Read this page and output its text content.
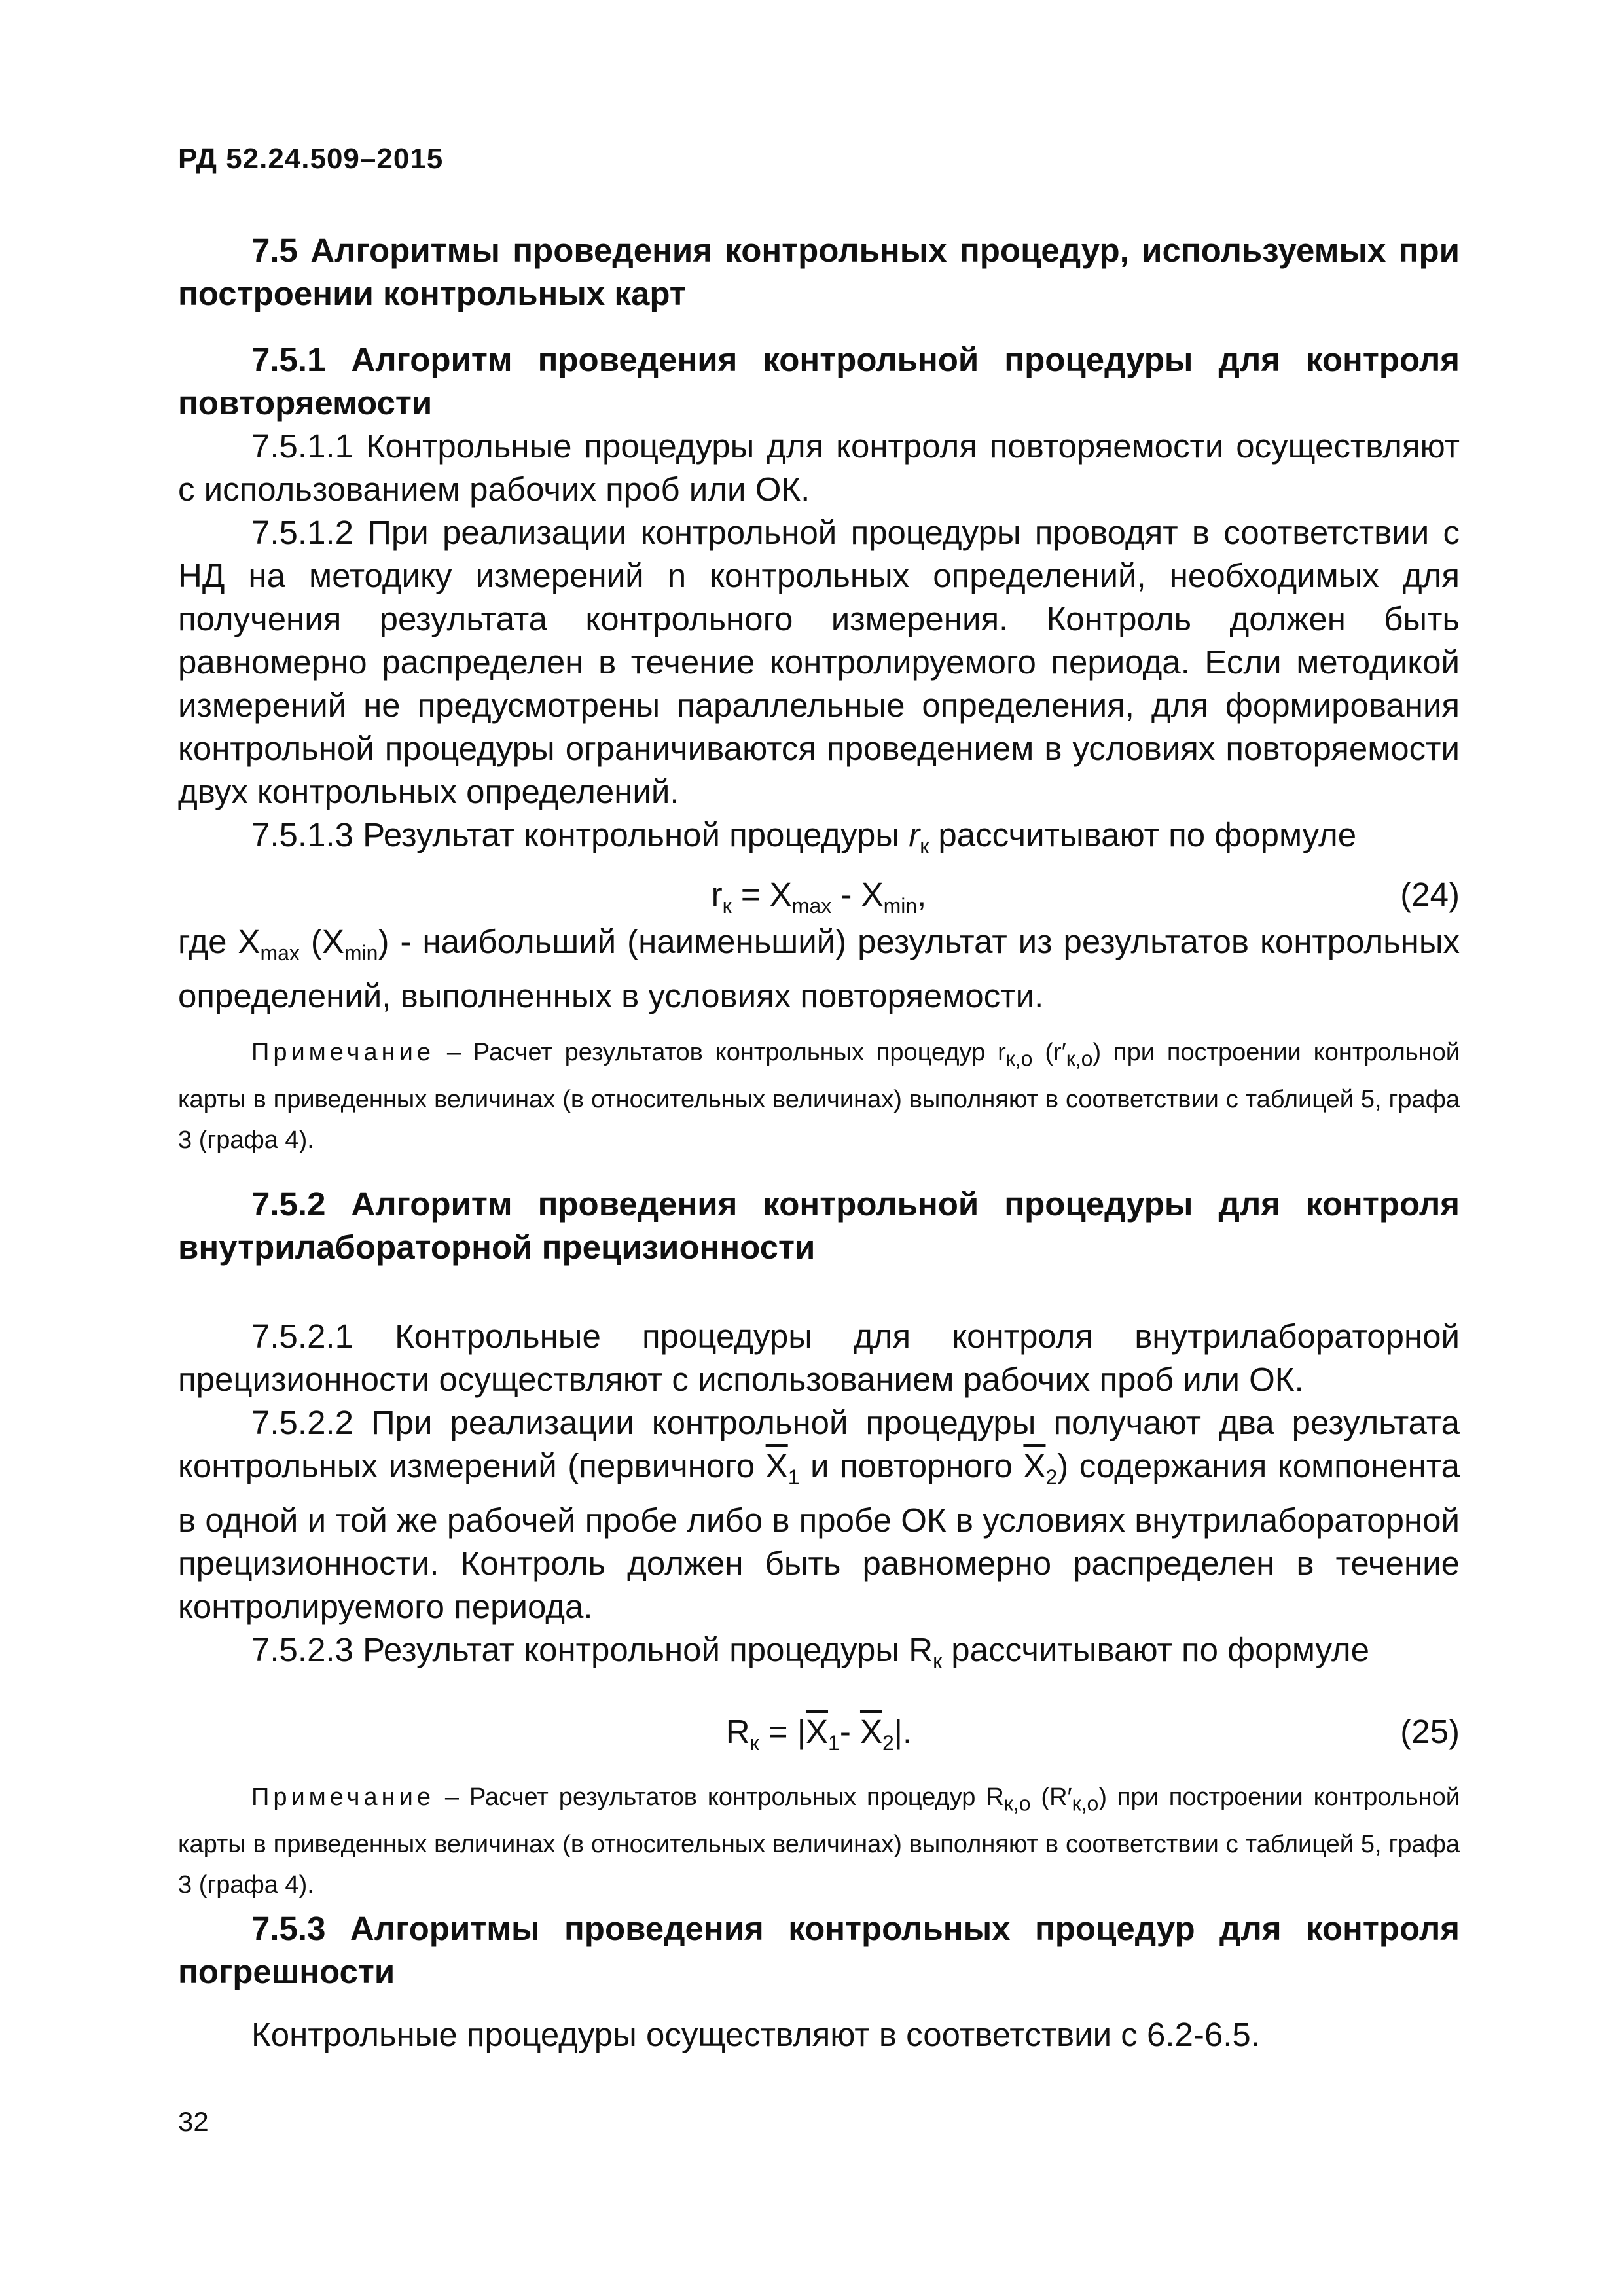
РД 52.24.509–2015

7.5 Алгоритмы проведения контрольных процедур, используемых при построении контрольных карт

7.5.1 Алгоритм проведения контрольной процедуры для контроля повторяемости

7.5.1.1 Контрольные процедуры для контроля повторяемости осуществляют с использованием рабочих проб или ОК.

7.5.1.2 При реализации контрольной процедуры проводят в соответствии с НД на методику измерений n контрольных определений, необходимых для получения результата контрольного измерения. Контроль должен быть равномерно распределен в течение контролируемого периода. Если методикой измерений не предусмотрены параллельные определения, для формирования контрольной процедуры ограничиваются проведением в условиях повторяемости двух контрольных определений.

7.5.1.3 Результат контрольной процедуры $r_к$ рассчитывают по формуле

$r_к = X_{max} - X_{min}$,	(24)

где $X_{max}$ $(X_{min})$ - наибольший (наименьший) результат из результатов контрольных определений, выполненных в условиях повторяемости.

Примечание – Расчет результатов контрольных процедур $r_{к,о}$ $(r'_{к,о})$ при построении контрольной карты в приведенных величинах (в относительных величинах) выполняют в соответствии с таблицей 5, графа 3 (графа 4).

7.5.2 Алгоритм проведения контрольной процедуры для контроля внутрилабораторной прецизионности

7.5.2.1 Контрольные процедуры для контроля внутрилабораторной прецизионности осуществляют с использованием рабочих проб или ОК.

7.5.2.2 При реализации контрольной процедуры получают два результата контрольных измерений (первичного $\overline{X}_1$ и повторного $\overline{X}_2$) содержания компонента в одной и той же рабочей пробе либо в пробе ОК в условиях внутрилабораторной прецизионности. Контроль должен быть равномерно распределен в течение контролируемого периода.

7.5.2.3 Результат контрольной процедуры $R_к$ рассчитывают по формуле

$R_к = |\overline{X}_1-$ $\overline{X}_2|$.	(25)

Примечание – Расчет результатов контрольных процедур $R_{к,о}$ $(R'_{к,о})$ при построении контрольной карты в приведенных величинах (в относительных величинах) выполняют в соответствии с таблицей 5, графа 3 (графа 4).

7.5.3 Алгоритмы проведения контрольных процедур для контроля погрешности

Контрольные процедуры осуществляют в соответствии с 6.2-6.5.

32
